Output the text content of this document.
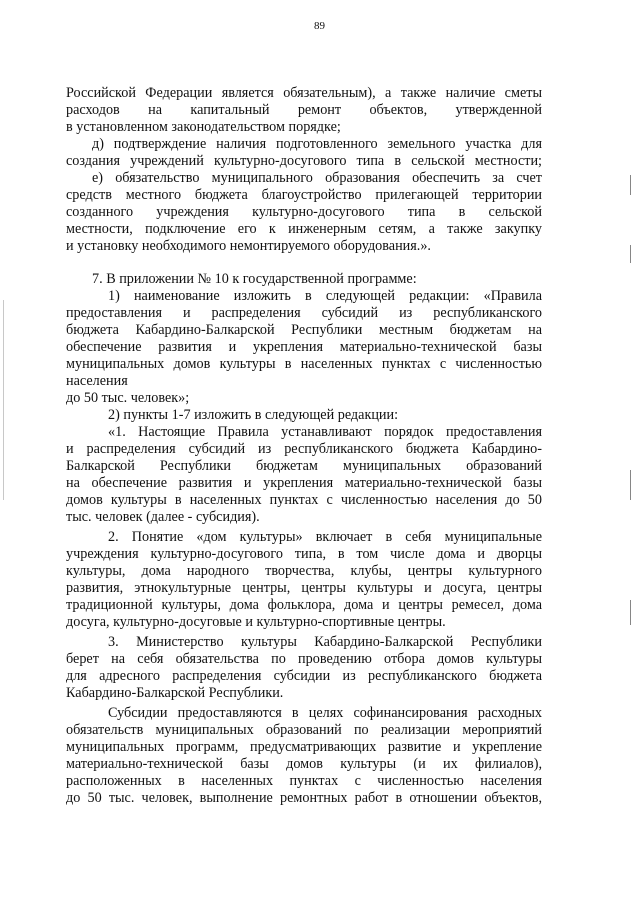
89
Российской Федерации является обязательным), а также наличие сметы
расходов на капитальный ремонт объектов, утвержденной
в установленном законодательством порядке;
д) подтверждение наличия подготовленного земельного участка для
создания учреждений культурно-досугового типа в сельской местности;
е) обязательство муниципального образования обеспечить за счет
средств местного бюджета благоустройство прилегающей территории
созданного учреждения культурно-досугового типа в сельской
местности, подключение его к инженерным сетям, а также закупку
и установку необходимого немонтируемого оборудования.».
7. В приложении № 10 к государственной программе:
1) наименование изложить в следующей редакции: «Правила
предоставления и распределения субсидий из республиканского
бюджета Кабардино-Балкарской Республики местным бюджетам на
обеспечение развития и укрепления материально-технической базы
муниципальных домов культуры в населенных пунктах с численностью
населения
до 50 тыс. человек»;
2) пункты 1-7 изложить в следующей редакции:
«1. Настоящие Правила устанавливают порядок предоставления
и распределения субсидий из республиканского бюджета Кабардино-
Балкарской Республики бюджетам муниципальных образований
на обеспечение развития и укрепления материально-технической базы
домов культуры в населенных пунктах с численностью населения до 50
тыс. человек (далее - субсидия).
2. Понятие «дом культуры» включает в себя муниципальные
учреждения культурно-досугового типа, в том числе дома и дворцы
культуры, дома народного творчества, клубы, центры культурного
развития, этнокультурные центры, центры культуры и досуга, центры
традиционной культуры, дома фольклора, дома и центры ремесел, дома
досуга, культурно-досуговые и культурно-спортивные центры.
3. Министерство культуры Кабардино-Балкарской Республики
берет на себя обязательства по проведению отбора домов культуры
для адресного распределения субсидии из республиканского бюджета
Кабардино-Балкарской Республики.
Субсидии предоставляются в целях софинансирования расходных
обязательств муниципальных образований по реализации мероприятий
муниципальных программ, предусматривающих развитие и укрепление
материально-технической базы домов культуры (и их филиалов),
расположенных в населенных пунктах с численностью населения
до 50 тыс. человек, выполнение ремонтных работ в отношении объектов,
